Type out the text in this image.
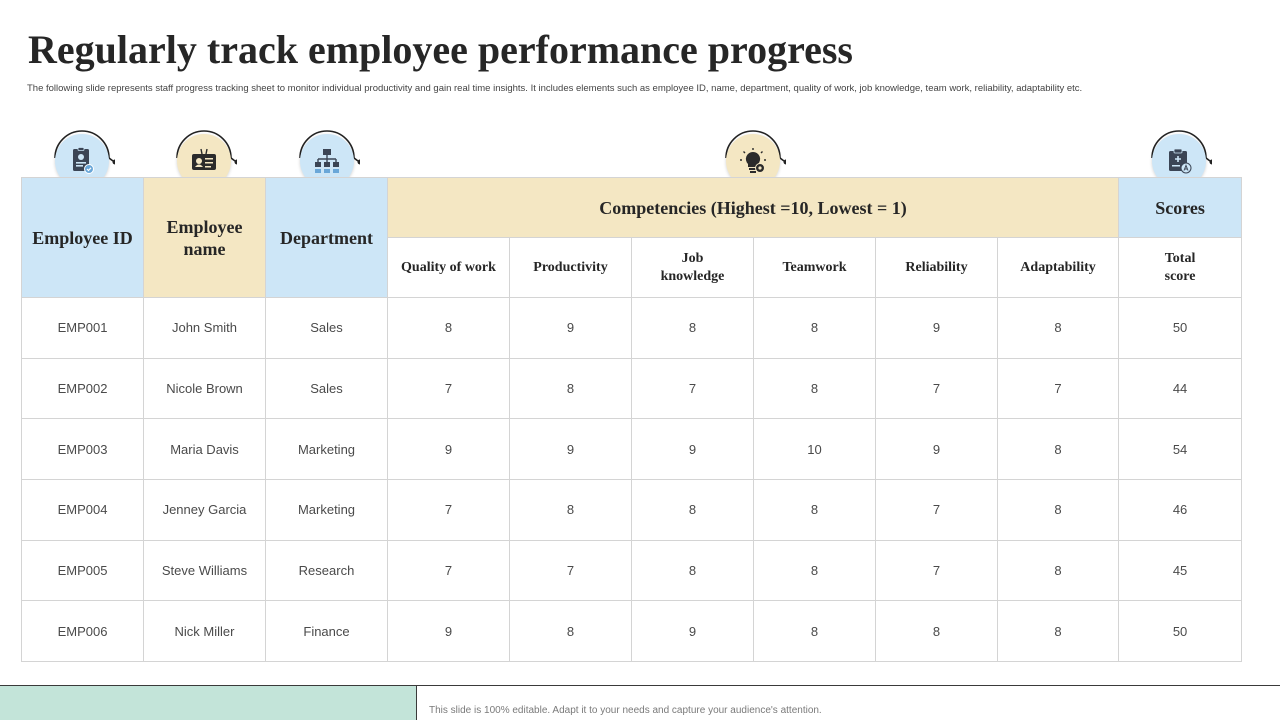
Regularly track employee performance progress

The following slide represents staff progress tracking sheet to monitor individual productivity and gain real time insights. It includes elements such as employee ID, name, department, quality of work, job knowledge, team work, reliability, adaptability etc.

Employee ID	Employee name	Department	Competencies (Highest =10, Lowest = 1)						Scores
			Quality of work	Productivity	Job knowledge	Teamwork	Reliability	Adaptability	Total score
EMP001	John Smith	Sales	8	9	8	8	9	8	50
EMP002	Nicole Brown	Sales	7	8	7	8	7	7	44
EMP003	Maria Davis	Marketing	9	9	9	10	9	8	54
EMP004	Jenney Garcia	Marketing	7	8	8	8	7	8	46
EMP005	Steve Williams	Research	7	7	8	8	7	8	45
EMP006	Nick Miller	Finance	9	8	9	8	8	8	50
This slide is 100% editable. Adapt it to your needs and capture your audience's attention.
